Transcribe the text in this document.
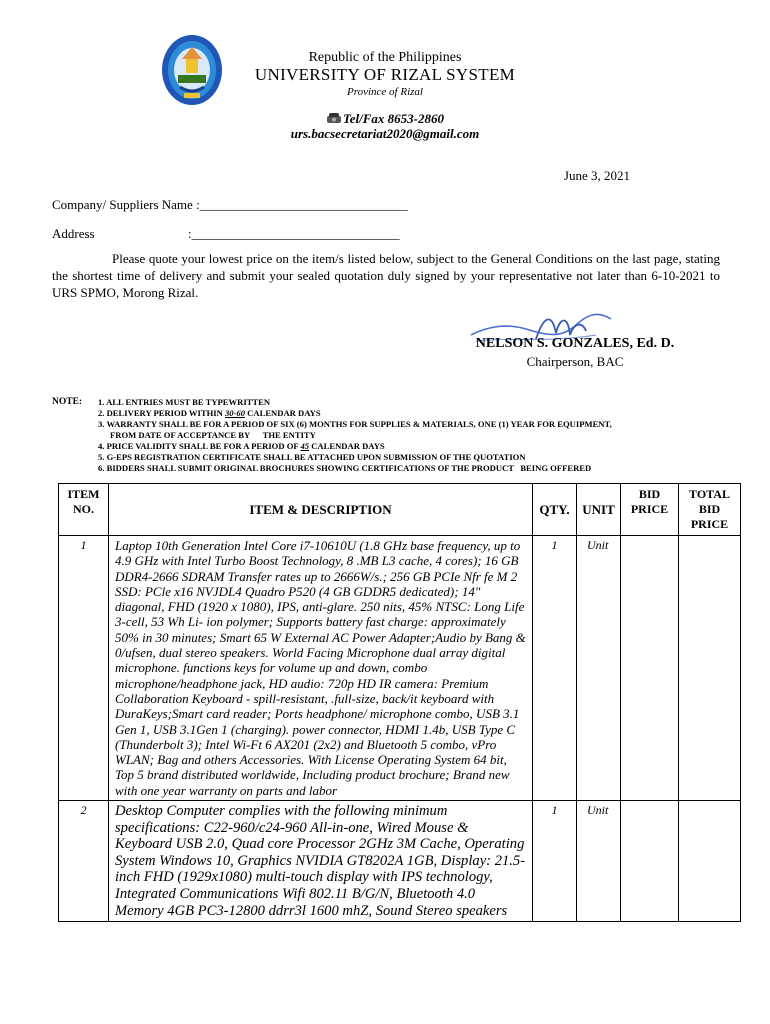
Republic of the Philippines
UNIVERSITY OF RIZAL SYSTEM
Province of Rizal
Tel/Fax 8653-2860
urs.bacsecretariat2020@gmail.com
June 3, 2021
Company/ Suppliers Name :________________________________
Address	:________________________________
Please quote your lowest price on the item/s listed below, subject to the General Conditions on the last page, stating the shortest time of delivery and submit your sealed quotation duly signed by your representative not later than 6-10-2021 to URS SPMO, Morong Rizal.
NELSON S. GONZALES, Ed. D.
Chairperson, BAC
NOTE: 1. ALL ENTRIES MUST BE TYPEWRITTEN
2. DELIVERY PERIOD WITHIN 30-60 CALENDAR DAYS
3. WARRANTY SHALL BE FOR A PERIOD OF SIX (6) MONTHS FOR SUPPLIES & MATERIALS, ONE (1) YEAR FOR EQUIPMENT,
FROM DATE OF ACCEPTANCE BY      THE ENTITY
4. PRICE VALIDITY SHALL BE FOR A PERIOD OF 45 CALENDAR DAYS
5. G-EPS REGISTRATION CERTIFICATE SHALL BE ATTACHED UPON SUBMISSION OF THE QUOTATION
6. BIDDERS SHALL SUBMIT ORIGINAL BROCHURES SHOWING CERTIFICATIONS OF THE PRODUCT   BEING OFFERED
ITEM NO.	ITEM & DESCRIPTION	QTY.	UNIT	BID PRICE	TOTAL BID PRICE
1	Laptop 10th Generation Intel Core i7-10610U (1.8 GHz base frequency, up to 4.9 GHz with Intel Turbo Boost Technology, 8 .MB L3 cache, 4 cores); 16 GB DDR4-2666 SDRAM Transfer rates up to 2666W/s.; 256 GB PCIe Nfr fe M 2 SSD: PCle x16 NVJDL4 Quadro P520 (4 GB GDDR5 dedicated); 14" diagonal, FHD (1920 x 1080), IPS, anti-glare. 250 nits, 45% NTSC: Long Life 3-cell, 53 Wh Li- ion polymer; Supports battery fast charge: approximately 50% in 30 minutes; Smart 65 W External AC Power Adapter;Audio by Bang & 0/ufsen, dual stereo speakers. World Facing Microphone dual array digital microphone. functions keys for volume up and down, combo microphone/headphone jack, HD audio: 720p HD IR camera: Premium Collaboration Keyboard - spill-resistant, .full-size, back/it keyboard with DuraKeys;Smart card reader; Ports headphone/ microphone combo, USB 3.1 Gen 1, USB 3.1Gen 1 (charging). power connector, HDMI 1.4b, USB Type C (Thunderbolt 3); Intel Wi-Ft 6 AX201 (2x2) and Bluetooth 5 combo, vPro WLAN; Bag and others Accessories. With License Operating System 64 bit, Top 5 brand distributed worldwide, Including product brochure; Brand new with one year warranty on parts and labor	1	Unit		
2	Desktop Computer complies with the following minimum specifications: C22-960/c24-960 All-in-one, Wired Mouse & Keyboard USB 2.0, Quad core Processor 2GHz 3M Cache, Operating System Windows 10, Graphics NVIDIA GT8202A 1GB, Display: 21.5-inch FHD (1929x1080) multi-touch display with IPS technology, Integrated Communications Wifi 802.11 B/G/N, Bluetooth 4.0 Memory 4GB PC3-12800 ddrr3l 1600 mhZ, Sound Stereo speakers	1	Unit		
